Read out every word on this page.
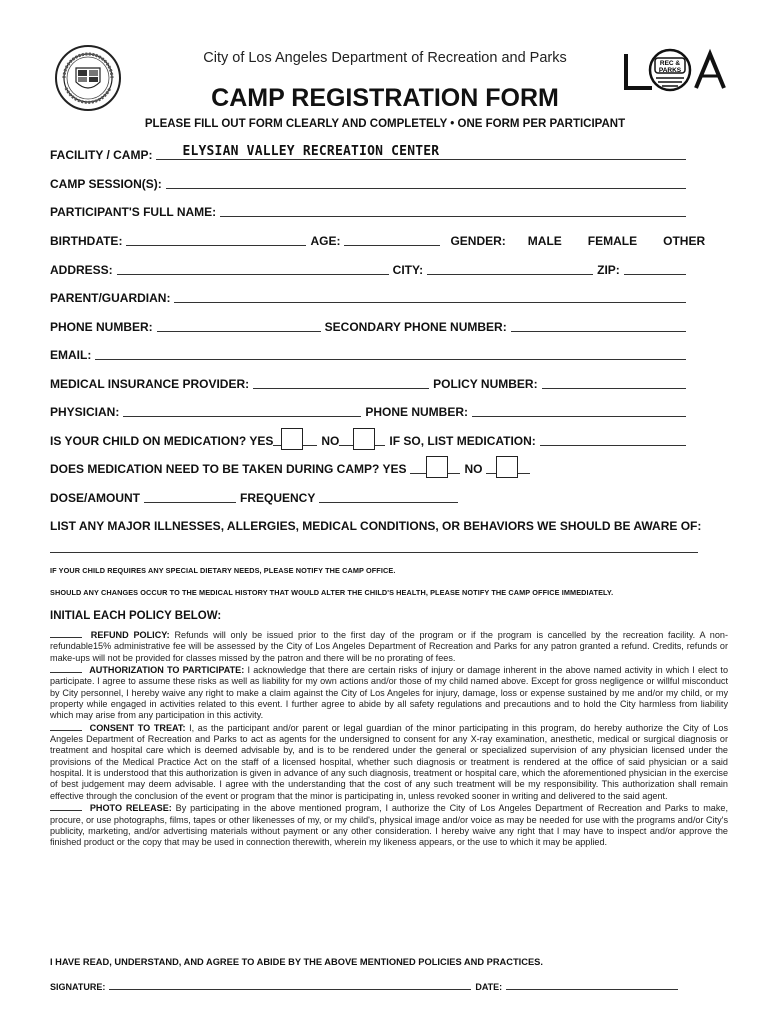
City of Los Angeles Department of Recreation and Parks	REC &
PARKS
CAMP REGISTRATION FORM
PLEASE FILL OUT FORM CLEARLY AND COMPLETELY • ONE FORM PER PARTICIPANT
FACILITY / CAMP: ELYSIAN VALLEY RECREATION CENTER
CAMP SESSION(S):
PARTICIPANT'S FULL NAME:
BIRTHDATE:	AGE:	GENDER: MALE FEMALE OTHER
ADDRESS:	CITY:	ZIP:
PARENT/GUARDIAN:
PHONE NUMBER:	SECONDARY PHONE NUMBER:
EMAIL:
MEDICAL INSURANCE PROVIDER:	POLICY NUMBER:
PHYSICIAN:	PHONE NUMBER:
IS YOUR CHILD ON MEDICATION? YES	NO	IF SO, LIST MEDICATION:
DOES MEDICATION NEED TO BE TAKEN DURING CAMP? YES	NO
DOSE/AMOUNT	FREQUENCY
LIST ANY MAJOR ILLNESSES, ALLERGIES, MEDICAL CONDITIONS, OR BEHAVIORS WE SHOULD BE AWARE OF:
IF YOUR CHILD REQUIRES ANY SPECIAL DIETARY NEEDS, PLEASE NOTIFY THE CAMP OFFICE.
SHOULD ANY CHANGES OCCUR TO THE MEDICAL HISTORY THAT WOULD ALTER THE CHILD'S HEALTH, PLEASE NOTIFY THE CAMP OFFICE IMMEDIATELY.
INITIAL EACH POLICY BELOW:

REFUND POLICY: Refunds will only be issued prior to the first day of the program or if the program is cancelled by the recreation facility. A non-refundable15% administrative fee will be assessed by the City of Los Angeles Department of Recreation and Parks for any patron granted a refund. Credits, refunds or make-ups will not be provided for classes missed by the patron and there will be no prorating of fees.

AUTHORIZATION TO PARTICIPATE: I acknowledge that there are certain risks of injury or damage inherent in the above named activity in which I elect to participate. I agree to assume these risks as well as liability for my own actions and/or those of my child named above. Except for gross negligence or willful misconduct by City personnel, I hereby waive any right to make a claim against the City of Los Angeles for injury, damage, loss or expense sustained by me and/or my child, or my property while engaged in activities related to this event. I further agree to abide by all safety regulations and precautions and to hold the City harmless from liability which may arise from any participation in this activity.

CONSENT TO TREAT: I, as the participant and/or parent or legal guardian of the minor participating in this program, do hereby authorize the City of Los Angeles Department of Recreation and Parks to act as agents for the undersigned to consent for any X-ray examination, anesthetic, medical or surgical diagnosis or treatment and hospital care which is deemed advisable by, and is to be rendered under the general or specialized supervision of any physician licensed under the provisions of the Medical Practice Act on the staff of a licensed hospital, whether such diagnosis or treatment is rendered at the office of said physician or a said hospital. It is understood that this authorization is given in advance of any such diagnosis, treatment or hospital care, which the aforementioned physician in the exercise of best judgement may deem advisable. I agree with the understanding that the cost of any such treatment will be my responsibility. This authorization shall remain effective through the conclusion of the event or program that the minor is participating in, unless revoked sooner in writing and delivered to the said agent.

PHOTO RELEASE: By participating in the above mentioned program, I authorize the City of Los Angeles Department of Recreation and Parks to make, procure, or use photographs, films, tapes or other likenesses of my, or my child's, physical image and/or voice as may be needed for use with the programs and/or City's publicity, marketing, and/or advertising materials without payment or any other consideration. I hereby waive any right that I may have to inspect and/or approve the finished product or the copy that may be used in connection therewith, wherein my likeness appears, or the use to which it may be applied.

I HAVE READ, UNDERSTAND, AND AGREE TO ABIDE BY THE ABOVE MENTIONED POLICIES AND PRACTICES.
SIGNATURE:	DATE:
